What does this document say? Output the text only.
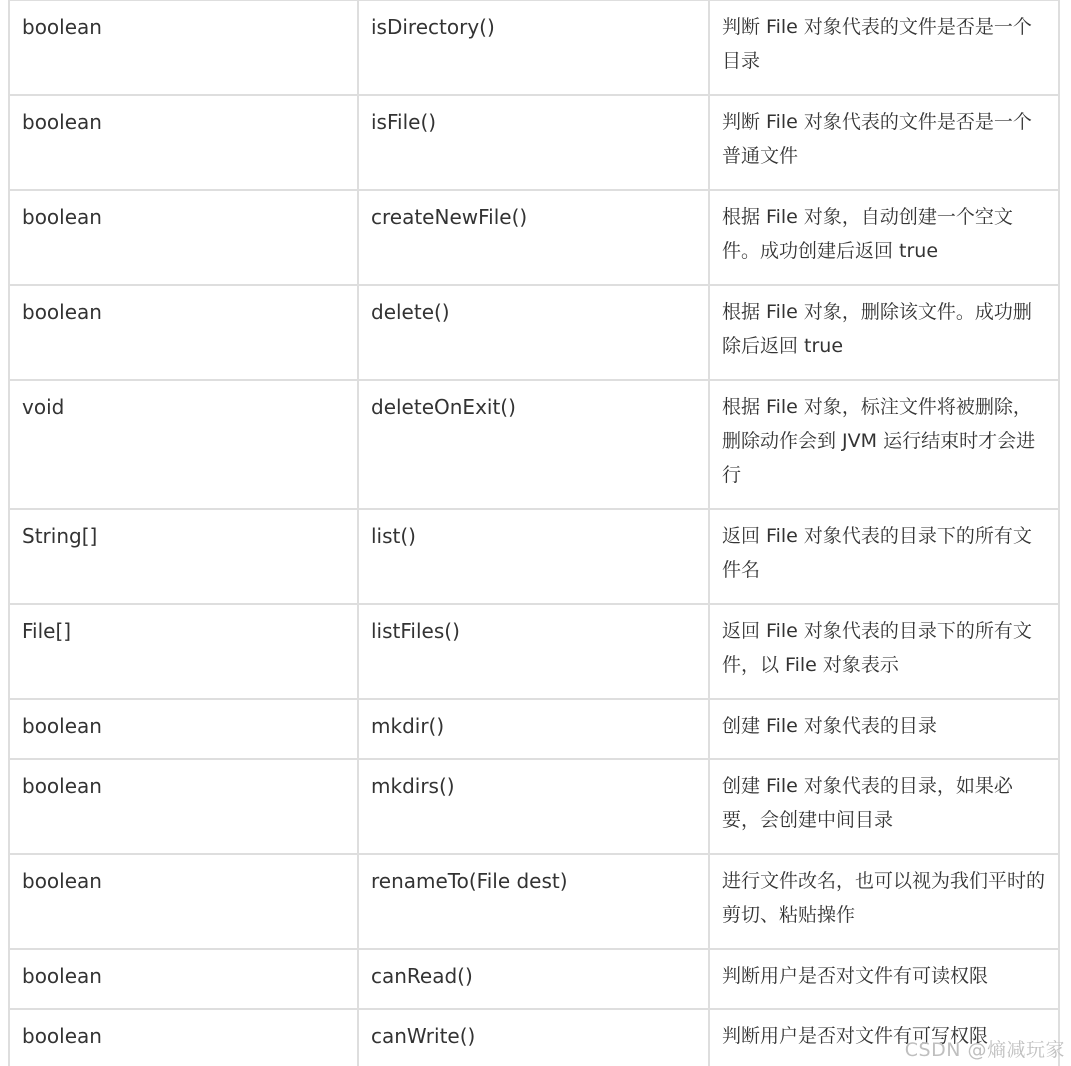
boolean	isDirectory()	判断 File 对象代表的文件是否是一个目录
boolean	isFile()	判断 File 对象代表的文件是否是一个普通文件
boolean	createNewFile()	根据 File 对象，自动创建一个空文件。成功创建后返回 true
boolean	delete()	根据 File 对象，删除该文件。成功删除后返回 true
void	deleteOnExit()	根据 File 对象，标注文件将被删除，删除动作会到 JVM 运行结束时才会进行
String[]	list()	返回 File 对象代表的目录下的所有文件名
File[]	listFiles()	返回 File 对象代表的目录下的所有文件，以 File 对象表示
boolean	mkdir()	创建 File 对象代表的目录
boolean	mkdirs()	创建 File 对象代表的目录，如果必要，会创建中间目录
boolean	renameTo(File dest)	进行文件改名，也可以视为我们平时的剪切、粘贴操作
boolean	canRead()	判断用户是否对文件有可读权限
boolean	canWrite()	判断用户是否对文件有可写权限
CSDN @熵减玩家
